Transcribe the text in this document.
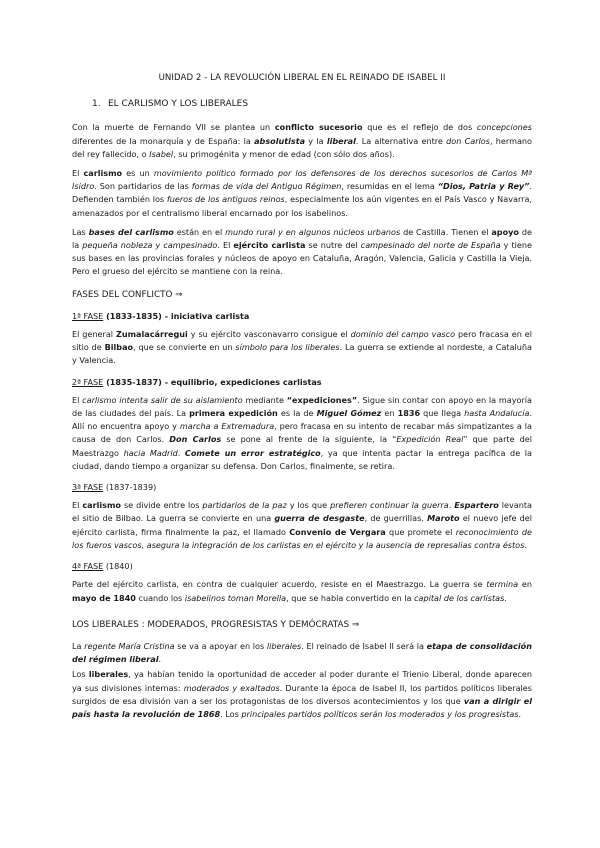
UNIDAD 2 - LA REVOLUCIÓN LIBERAL EN EL REINADO DE ISABEL II
1. EL CARLISMO Y LOS LIBERALES

Con la muerte de Fernando VII se plantea un conflicto sucesorio que es el reflejo de dos concepciones diferentes de la monarquía y de España: la absolutista y la liberal. La alternativa entre don Carlos, hermano del rey fallecido, o Isabel, su primogénita y menor de edad (con sólo dos años).

El carlismo es un movimiento político formado por los defensores de los derechos sucesorios de Carlos Mª Isidro. Son partidarios de las formas de vida del Antiguo Régimen, resumidas en el lema “Dios, Patria y Rey”. Defienden también los fueros de los antiguos reinos, especialmente los aún vigentes en el País Vasco y Navarra, amenazados por el centralismo liberal encarnado por los isabelinos.

Las bases del carlismo están en el mundo rural y en algunos núcleos urbanos de Castilla. Tienen el apoyo de la pequeña nobleza y campesinado. El ejército carlista se nutre del campesinado del norte de España y tiene sus bases en las provincias forales y núcleos de apoyo en Cataluña, Aragón, Valencia, Galicia y Castilla la Vieja. Pero el grueso del ejército se mantiene con la reina.

FASES DEL CONFLICTO ⇒
1ª FASE (1833-1835) - iniciativa carlista

El general Zumalacárregui y su ejército vasconavarro consigue el dominio del campo vasco pero fracasa en el sitio de Bilbao, que se convierte en un símbolo para los liberales. La guerra se extiende al nordeste, a Cataluña y Valencia.

2ª FASE (1835-1837) - equilibrio, expediciones carlistas

El carlismo intenta salir de su aislamiento mediante “expediciones”. Sigue sin contar con apoyo en la mayoría de las ciudades del país. La primera expedición es la de Miguel Gómez en 1836 que llega hasta Andalucía. Allí no encuentra apoyo y marcha a Extremadura, pero fracasa en su intento de recabar más simpatizantes a la causa de don Carlos. Don Carlos se pone al frente de la siguiente, la “Expedición Real” que parte del Maestrazgo hacia Madrid. Comete un error estratégico, ya que intenta pactar la entrega pacífica de la ciudad, dando tiempo a organizar su defensa. Don Carlos, finalmente, se retira.

3ª FASE (1837-1839)

El carlismo se divide entre los partidarios de la paz y los que prefieren continuar la guerra. Espartero levanta el sitio de Bilbao. La guerra se convierte en una guerra de desgaste, de guerrillas. Maroto el nuevo jefe del ejército carlista, firma finalmente la paz, el llamado Convenio de Vergara que promete el reconocimiento de los fueros vascos, asegura la integración de los carlistas en el ejército y la ausencia de represalias contra éstos.

4ª FASE (1840)

Parte del ejército carlista, en contra de cualquier acuerdo, resiste en el Maestrazgo. La guerra se termina en mayo de 1840 cuando los isabelinos toman Morella, que se había convertido en la capital de los carlistas.

LOS LIBERALES : MODERADOS, PROGRESISTAS Y DEMÓCRATAS ⇒

La regente María Cristina se va a apoyar en los liberales. El reinado de Isabel II será la etapa de consolidación del régimen liberal.

Los liberales, ya habían tenido la oportunidad de acceder al poder durante el Trienio Liberal, donde aparecen ya sus divisiones internas: moderados y exaltados. Durante la época de Isabel II, los partidos políticos liberales surgidos de esa división van a ser los protagonistas de los diversos acontecimientos y los que van a dirigir el país hasta la revolución de 1868. Los principales partidos políticos serán los moderados y los progresistas.
